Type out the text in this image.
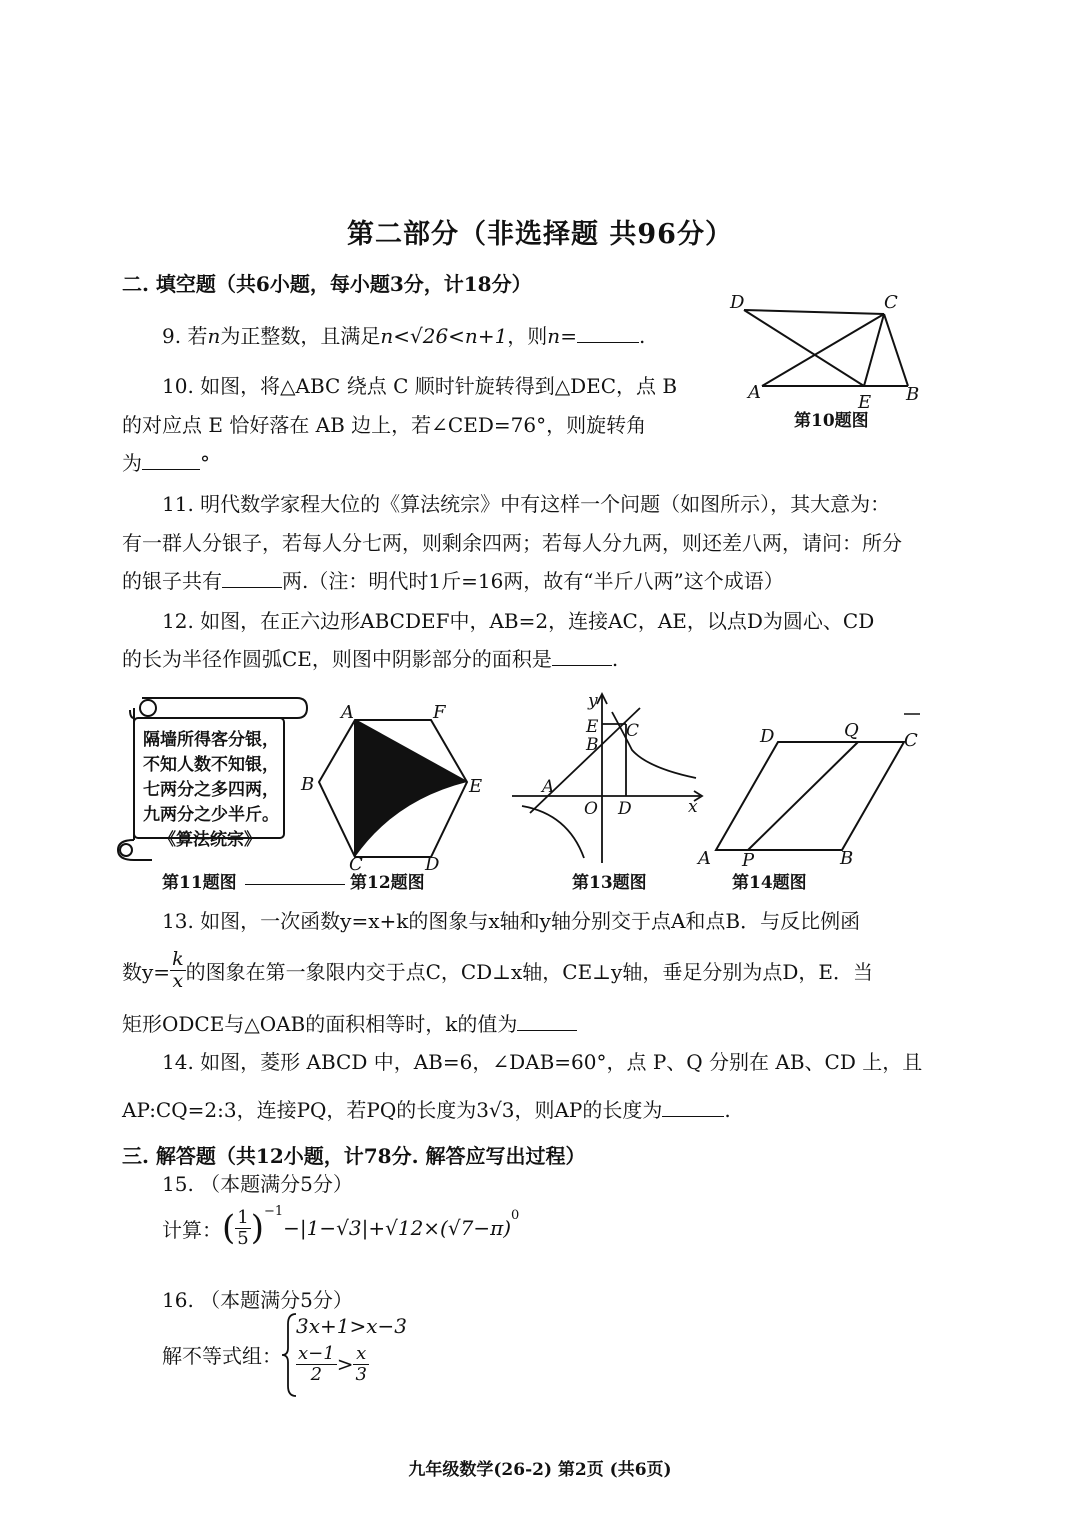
第二部分（非选择题 共96分）
二. 填空题（共6小题，每小题3分，计18分）
9. 若n为正整数，且满足n<√26<n+1，则n=	.
10. 如图，将△ABC 绕点 C 顺时针旋转得到△DEC，点 B
的对应点 E 恰好落在 AB 边上，若∠CED=76°，则旋转角
为	°
D	C
A	E B
第10题图
11. 明代数学家程大位的《算法统宗》中有这样一个问题（如图所示），其大意为：
有一群人分银子，若每人分七两，则剩余四两；若每人分九两，则还差八两，请问：所分
的银子共有	两.（注：明代时1斤=16两，故有“半斤八两”这个成语）
12. 如图，在正六边形ABCDEF中，AB=2，连接AC，AE，以点D为圆心、CD
的长为半径作圆弧CE，则图中阴影部分的面积是	.
隔墙所得客分银，
不知人数不知银，
七两分之多四两，
九两分之少半斤。
《算法统宗》
第11题图
A	F
B	E
C	D
第12题图
y
E
B
C
A
O D	x
第13题图
D	Q	C
A P	B
第14题图
13. 如图，一次函数y=x+k的图象与x轴和y轴分别交于点A和点B．与反比例函
数$y= \frac{k}{x}$ 的图象在第一象限内交于点C，CD⊥x轴，CE⊥y轴，垂足分别为点D，E．当
矩形ODCE与△OAB的面积相等时，k的值为
14. 如图，菱形 ABCD 中，AB=6，∠DAB=60°，点 P、Q 分别在 AB、CD 上，且
AP:CQ=2:3，连接PQ，若PQ的长度为3√3，则AP的长度为	.
三. 解答题（共12小题，计78分. 解答应写出过程）
15. （本题满分5分）
计算： ( $\frac{1}{5} )^{-1}$
−|1−√3|+√12×(√7−π)
$^0$
16. （本题满分5分）
解不等式组：
3x+1>x−3
$\frac{x-1}{2} > \frac{x}{3}$
九年级数学(26-2) 第2页 (共6页)
